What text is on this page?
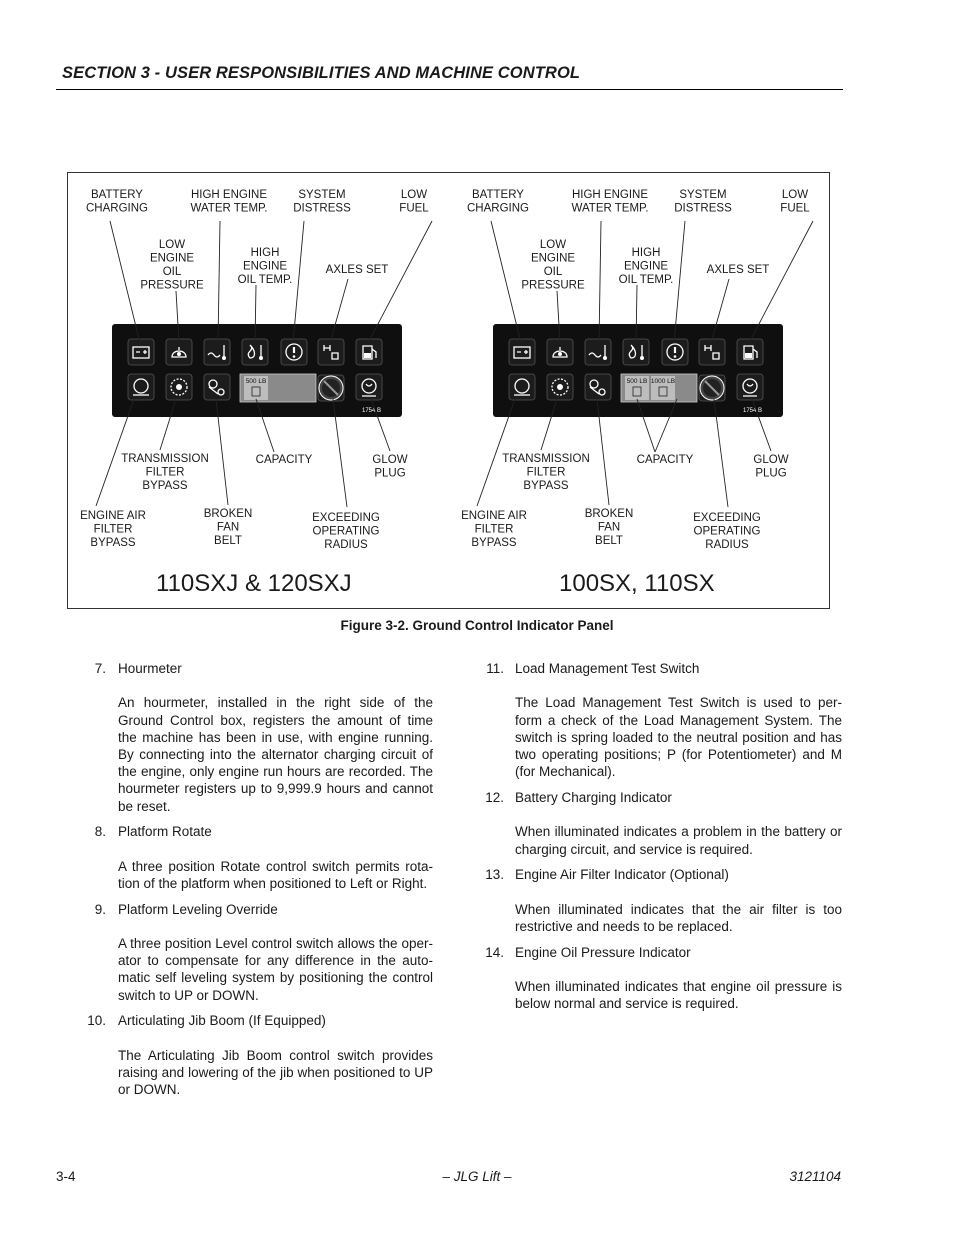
SECTION 3 - USER RESPONSIBILITIES AND MACHINE CONTROL
BATTERY CHARGING
HIGH ENGINE WATER TEMP.
SYSTEM DISTRESS
LOW FUEL
LOW ENGINE OIL PRESSURE
HIGH ENGINE OIL TEMP.
AXLES SET
TRANSMISSION FILTER BYPASS
CAPACITY	GLOW PLUG
ENGINE AIR FILTER BYPASS
BROKEN FAN BELT
EXCEEDING OPERATING RADIUS
110SXJ & 120SXJ
500 LB
1754 B
BATTERY CHARGING
HIGH ENGINE WATER TEMP.
SYSTEM DISTRESS
LOW FUEL
LOW ENGINE OIL PRESSURE
HIGH ENGINE OIL TEMP.
AXLES SET
TRANSMISSION FILTER BYPASS
CAPACITY	GLOW PLUG
ENGINE AIR FILTER BYPASS
BROKEN FAN BELT
EXCEEDING OPERATING RADIUS
100SX, 110SX
500 LB 1000 LB
1754 B
Figure 3-2. Ground Control Indicator Panel
7. Hourmeter
An hourmeter, installed in the right side of the Ground Control box, registers the amount of time the machine has been in use, with engine running. By connecting into the alternator charging circuit of the engine, only engine run hours are recorded. The hourmeter registers up to 9,999.9 hours and cannot be reset.
8. Platform Rotate
A three position Rotate control switch permits rota-tion of the platform when positioned to Left or Right.
9. Platform Leveling Override
A three position Level control switch allows the oper-ator to compensate for any difference in the auto-matic self leveling system by positioning the control switch to UP or DOWN.
10. Articulating Jib Boom (If Equipped)
The Articulating Jib Boom control switch provides raising and lowering of the jib when positioned to UP or DOWN.
11. Load Management Test Switch
The Load Management Test Switch is used to per-form a check of the Load Management System. The switch is spring loaded to the neutral position and has two operating positions; P (for Potentiometer) and M (for Mechanical).
12. Battery Charging Indicator
When illuminated indicates a problem in the battery or charging circuit, and service is required.
13. Engine Air Filter Indicator (Optional)
When illuminated indicates that the air filter is too restrictive and needs to be replaced.
14. Engine Oil Pressure Indicator
When illuminated indicates that engine oil pressure is below normal and service is required.
3-4	– JLG Lift –	3121104
